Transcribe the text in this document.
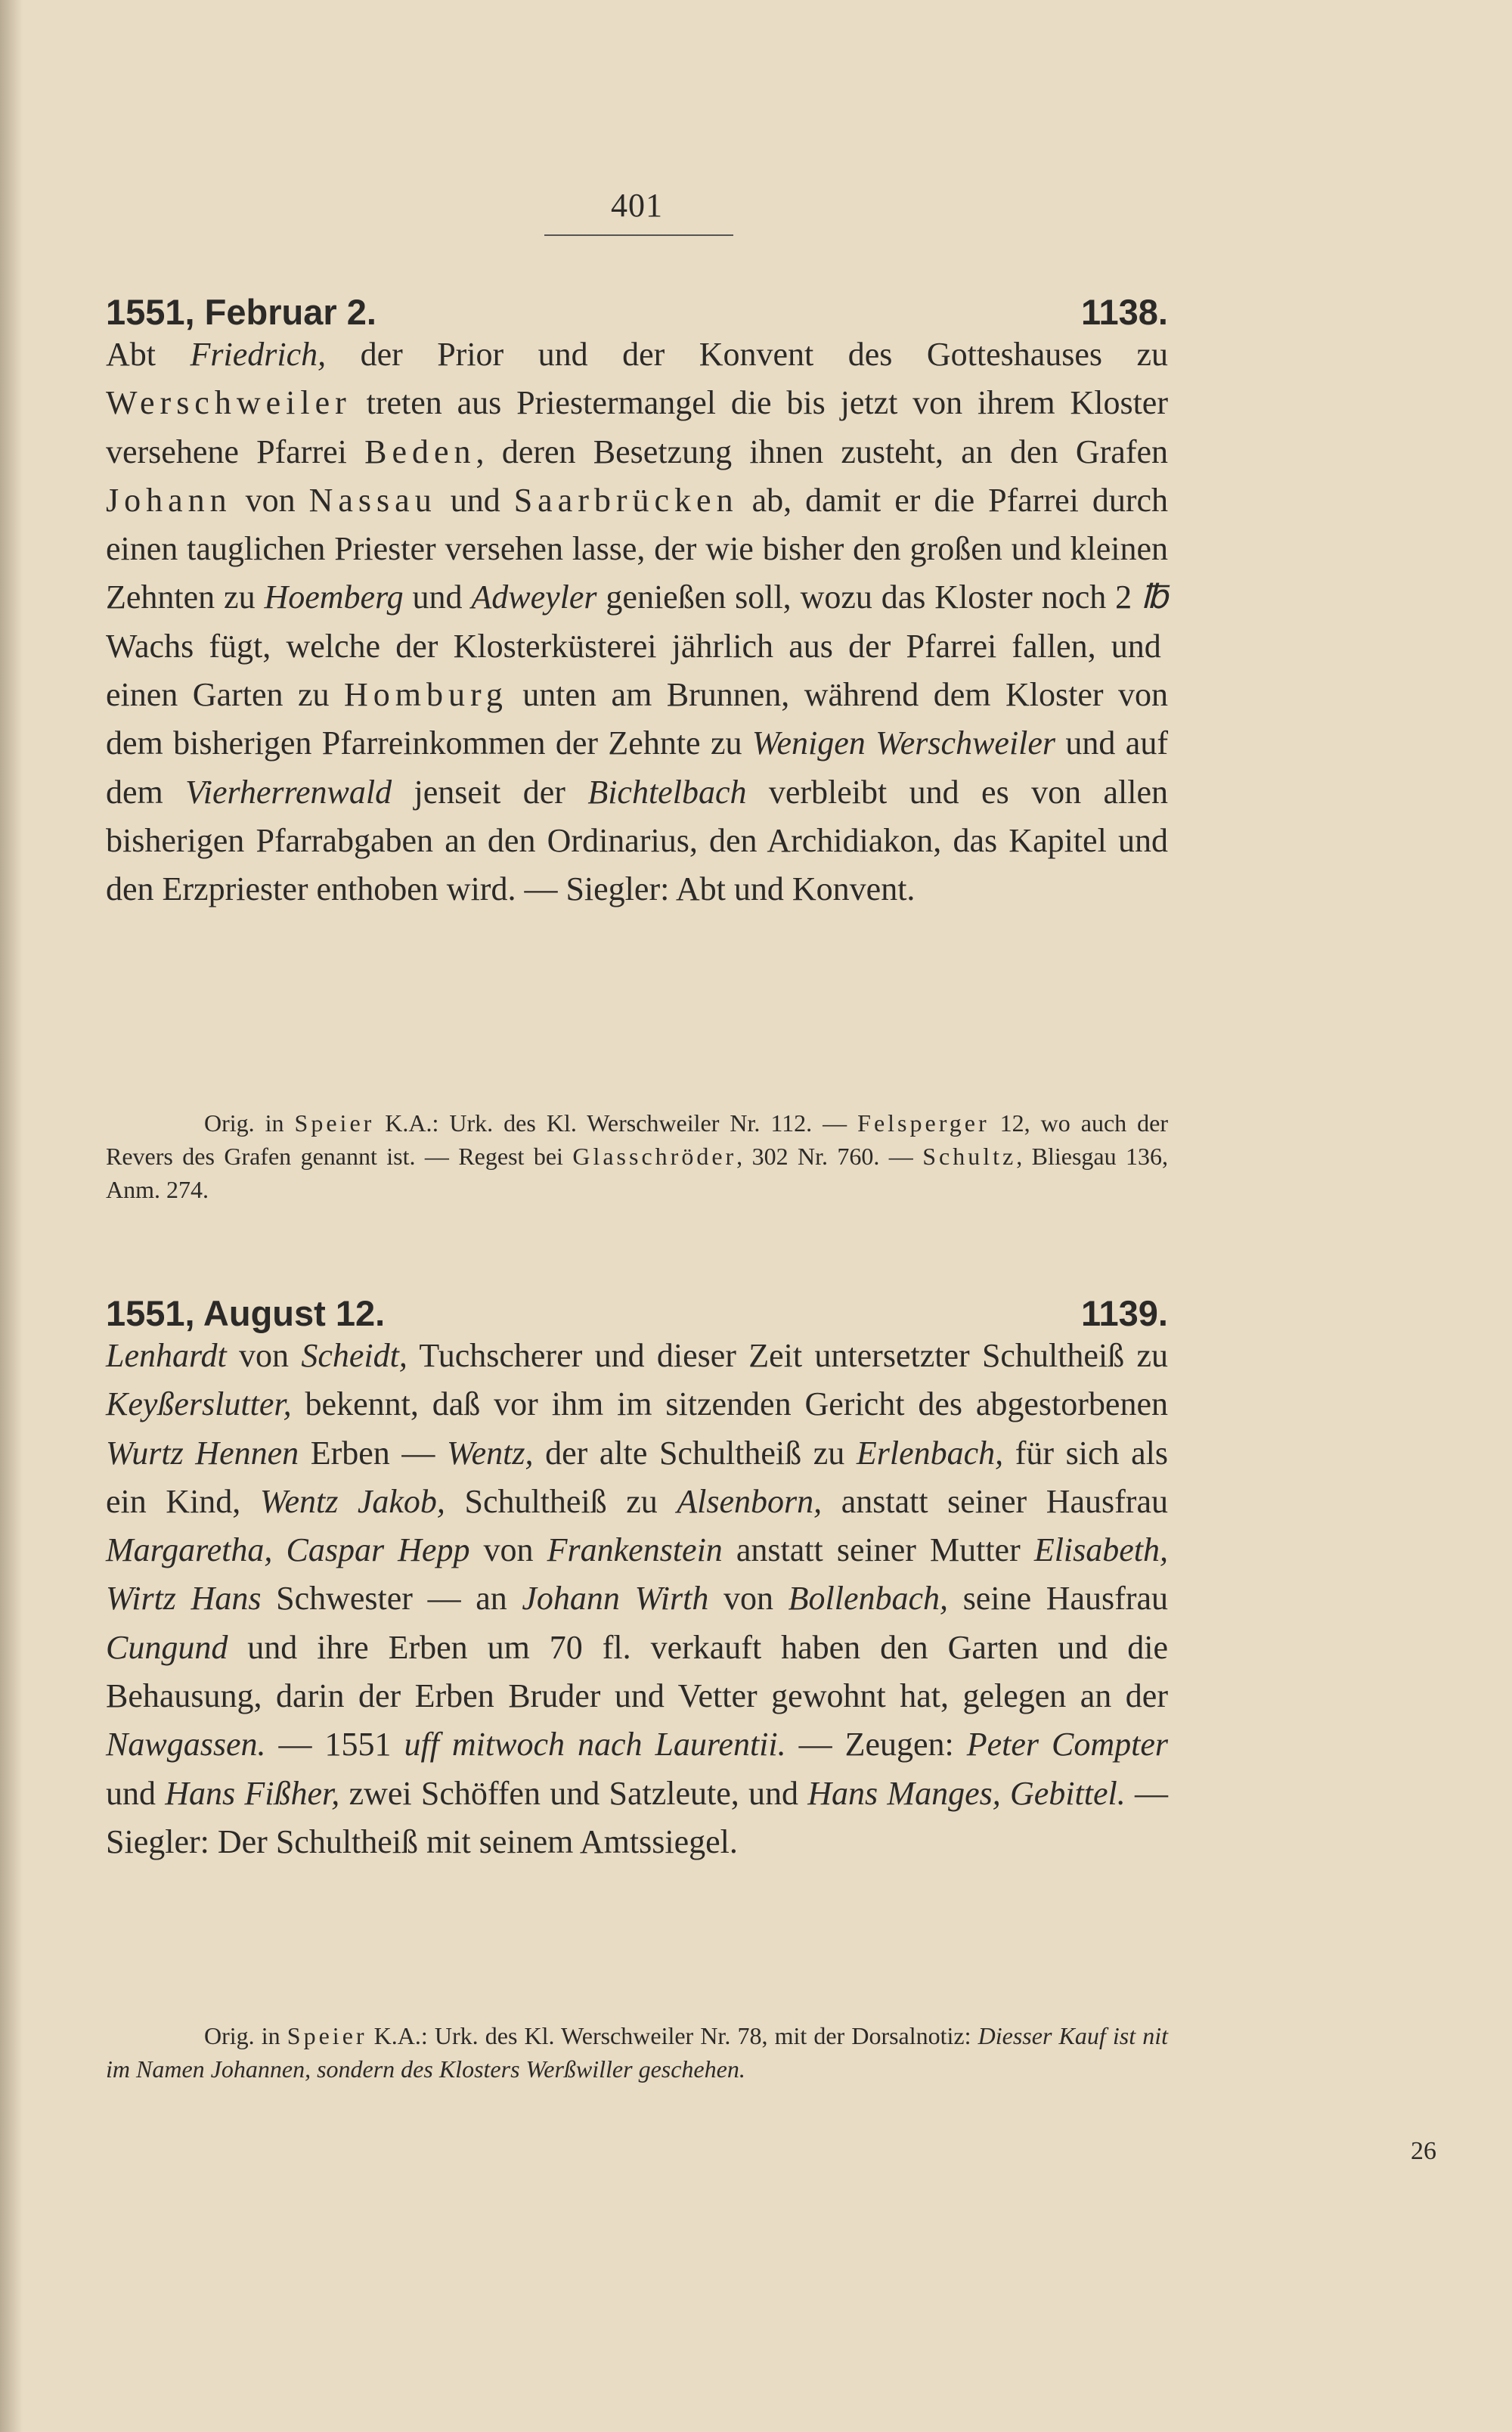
401
1551, Februar 2.	1138.
Abt Friedrich, der Prior und der Konvent des Gotteshauses zu Werschweiler treten aus Priestermangel die bis jetzt von ihrem Kloster versehene Pfarrei Beden, deren Besetzung ihnen zusteht, an den Grafen Johann von Nassau und Saarbrücken ab, damit er die Pfarrei durch einen tauglichen Priester versehen lasse, der wie bisher den großen und kleinen Zehnten zu Hoemberg und Adweyler genießen soll, wozu das Kloster noch 2 ℔ Wachs fügt, welche der Klosterküsterei jährlich aus der Pfarrei fallen, und einen Garten zu Homburg unten am Brunnen, während dem Kloster von dem bisherigen Pfarreinkommen der Zehnte zu Wenigen Werschweiler und auf dem Vierherrenwald jenseit der Bichtelbach verbleibt und es von allen bisherigen Pfarrabgaben an den Ordinarius, den Archidiakon, das Kapitel und den Erzpriester enthoben wird. — Siegler: Abt und Konvent.
Orig. in Speier K.A.: Urk. des Kl. Werschweiler Nr. 112. — Felsperger 12, wo auch der Revers des Grafen genannt ist. — Regest bei Glasschröder, 302 Nr. 760. — Schultz, Bliesgau 136, Anm. 274.
1551, August 12.	1139.
Lenhardt von Scheidt, Tuchscherer und dieser Zeit untersetzter Schultheiß zu Keyßerslutter, bekennt, daß vor ihm im sitzenden Gericht des abgestorbenen Wurtz Hennen Erben — Wentz, der alte Schultheiß zu Erlenbach, für sich als ein Kind, Wentz Jakob, Schultheiß zu Alsenborn, anstatt seiner Hausfrau Margaretha, Caspar Hepp von Frankenstein anstatt seiner Mutter Elisabeth, Wirtz Hans Schwester — an Johann Wirth von Bollenbach, seine Hausfrau Cungund und ihre Erben um 70 fl. verkauft haben den Garten und die Behausung, darin der Erben Bruder und Vetter gewohnt hat, gelegen an der Nawgassen. — 1551 uff mitwoch nach Laurentii. — Zeugen: Peter Compter und Hans Fißher, zwei Schöffen und Satzleute, und Hans Manges, Gebittel. — Siegler: Der Schultheiß mit seinem Amtssiegel.
Orig. in Speier K.A.: Urk. des Kl. Werschweiler Nr. 78, mit der Dorsalnotiz: Diesser Kauf ist nit im Namen Johannen, sondern des Klosters Werßwiller geschehen.
26
